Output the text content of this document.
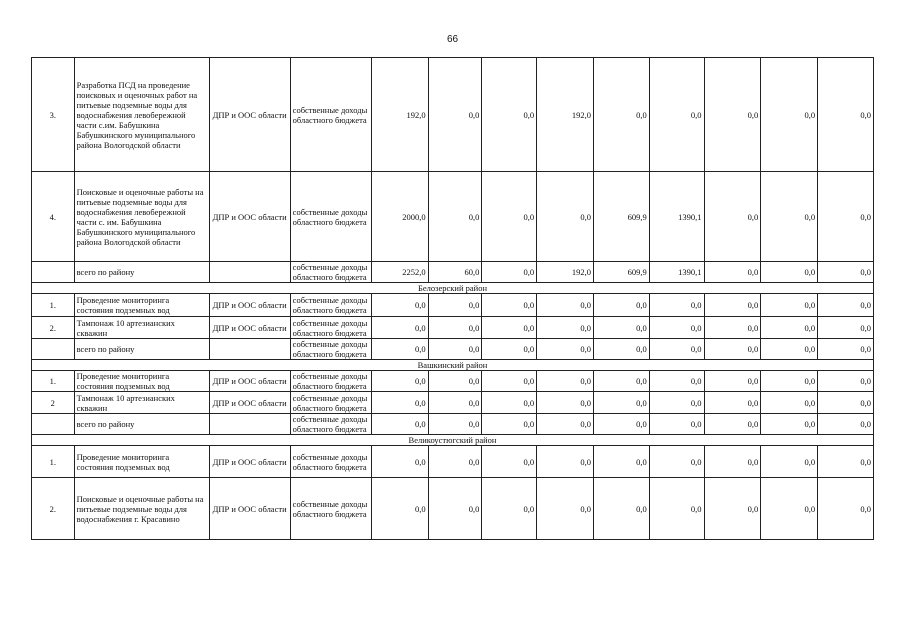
66
3.	Разработка ПСД на проведение поисковых и оценочных работ на питьевые подземные воды для водоснабжения левобережной части с.им. Бабушкина Бабушкинского муниципального района Вологодской области	ДПР и ООС области	собственные доходы областного бюджета	192,0	0,0	0,0	192,0	0,0	0,0	0,0	0,0	0,0
4.	Поисковые и оценочные работы на питьевые подземные воды для водоснабжения левобережной части с. им. Бабушкина Бабушкинского муниципального района Вологодской области	ДПР и ООС области	собственные доходы областного бюджета	2000,0	0,0	0,0	0,0	609,9	1390,1	0,0	0,0	0,0
	всего по району		собственные доходы областного бюджета	2252,0	60,0	0,0	192,0	609,9	1390,1	0,0	0,0	0,0
Белозерский район												
1.	Проведение мониторинга состояния подземных вод	ДПР и ООС области	собственные доходы областного бюджета	0,0	0,0	0,0	0,0	0,0	0,0	0,0	0,0	0,0
2.	Тампонаж 10 артезианских скважин	ДПР и ООС области	собственные доходы областного бюджета	0,0	0,0	0,0	0,0	0,0	0,0	0,0	0,0	0,0
	всего по району		собственные доходы областного бюджета	0,0	0,0	0,0	0,0	0,0	0,0	0,0	0,0	0,0
Вашкинский район												
1.	Проведение мониторинга состояния подземных вод	ДПР и ООС области	собственные доходы областного бюджета	0,0	0,0	0,0	0,0	0,0	0,0	0,0	0,0	0,0
2	Тампонаж 10 артезианских скважин	ДПР и ООС области	собственные доходы областного бюджета	0,0	0,0	0,0	0,0	0,0	0,0	0,0	0,0	0,0
	всего по району		собственные доходы областного бюджета	0,0	0,0	0,0	0,0	0,0	0,0	0,0	0,0	0,0
Великоустюгский район												
1.	Проведение мониторинга состояния подземных вод	ДПР и ООС области	собственные доходы областного бюджета	0,0	0,0	0,0	0,0	0,0	0,0	0,0	0,0	0,0
2.	Поисковые и оценочные работы на питьевые подземные воды для водоснабжения г. Красавино	ДПР и ООС области	собственные доходы областного бюджета	0,0	0,0	0,0	0,0	0,0	0,0	0,0	0,0	0,0
